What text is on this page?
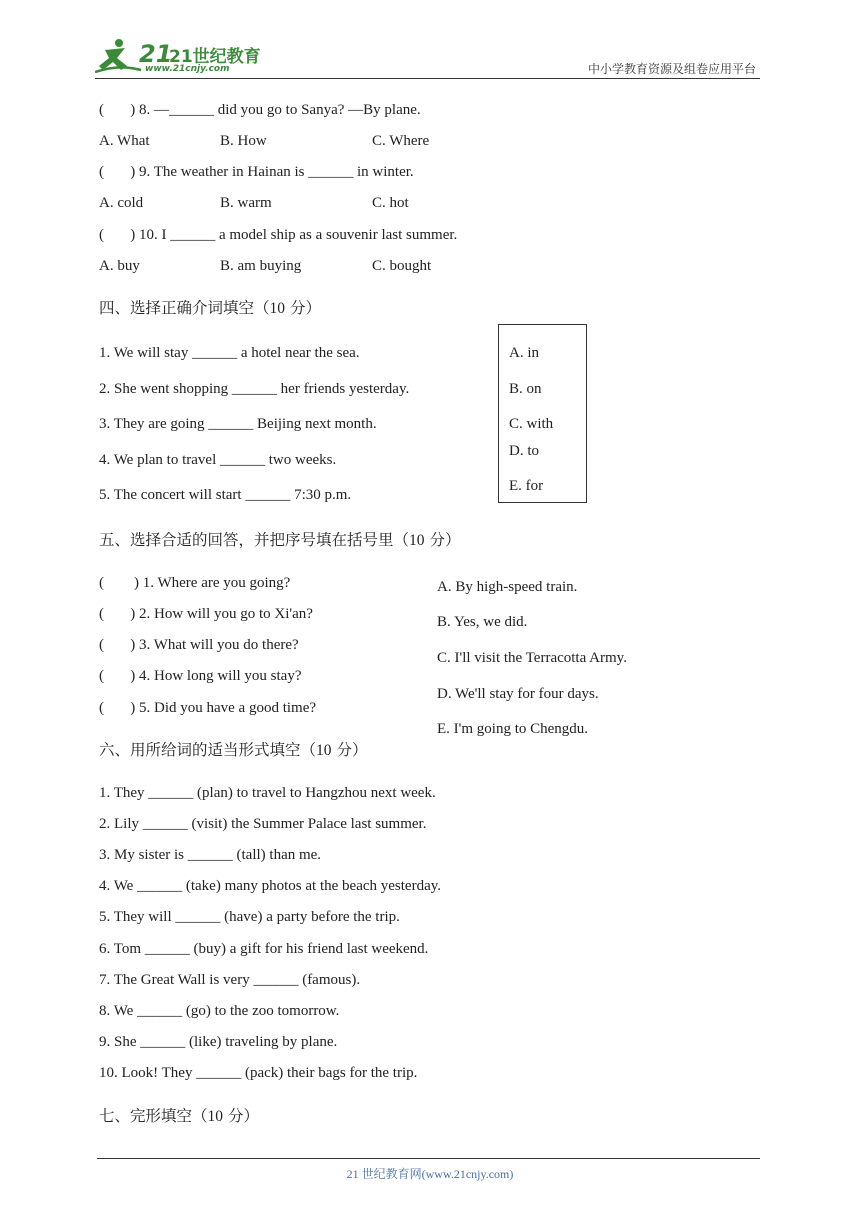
21
21世纪教育
www.21cnjy.com	中小学教育资源及组卷应用平台
(       ) 8. —______ did you go to Sanya? —By plane.
A. What	B. How	C. Where
(       ) 9. The weather in Hainan is ______ in winter.
A. cold	B. warm	C. hot
(       ) 10. I ______ a model ship as a souvenir last summer.
A. buy	B. am buying	C. bought
四、选择正确介词填空（10 分）
1. We will stay ______ a hotel near the sea.
2. She went shopping ______ her friends yesterday.
3. They are going ______ Beijing next month.
4. We plan to travel ______ two weeks.
5. The concert will start ______ 7:30 p.m.
A. in
B. on
C. with
D. to
E. for
五、选择合适的回答，并把序号填在括号里（10 分）
(        ) 1. Where are you going?
(       ) 2. How will you go to Xi'an?
(       ) 3. What will you do there?
(       ) 4. How long will you stay?
(       ) 5. Did you have a good time?
A. By high-speed train.
B. Yes, we did.
C. I'll visit the Terracotta Army.
D. We'll stay for four days.
E. I'm going to Chengdu.
六、用所给词的适当形式填空（10 分）
1. They ______ (plan) to travel to Hangzhou next week.
2. Lily ______ (visit) the Summer Palace last summer.
3. My sister is ______ (tall) than me.
4. We ______ (take) many photos at the beach yesterday.
5. They will ______ (have) a party before the trip.
6. Tom ______ (buy) a gift for his friend last weekend.
7. The Great Wall is very ______ (famous).
8. We ______ (go) to the zoo tomorrow.
9. She ______ (like) traveling by plane.
10. Look! They ______ (pack) their bags for the trip.
七、完形填空（10 分）
21 世纪教育网(www.21cnjy.com)
